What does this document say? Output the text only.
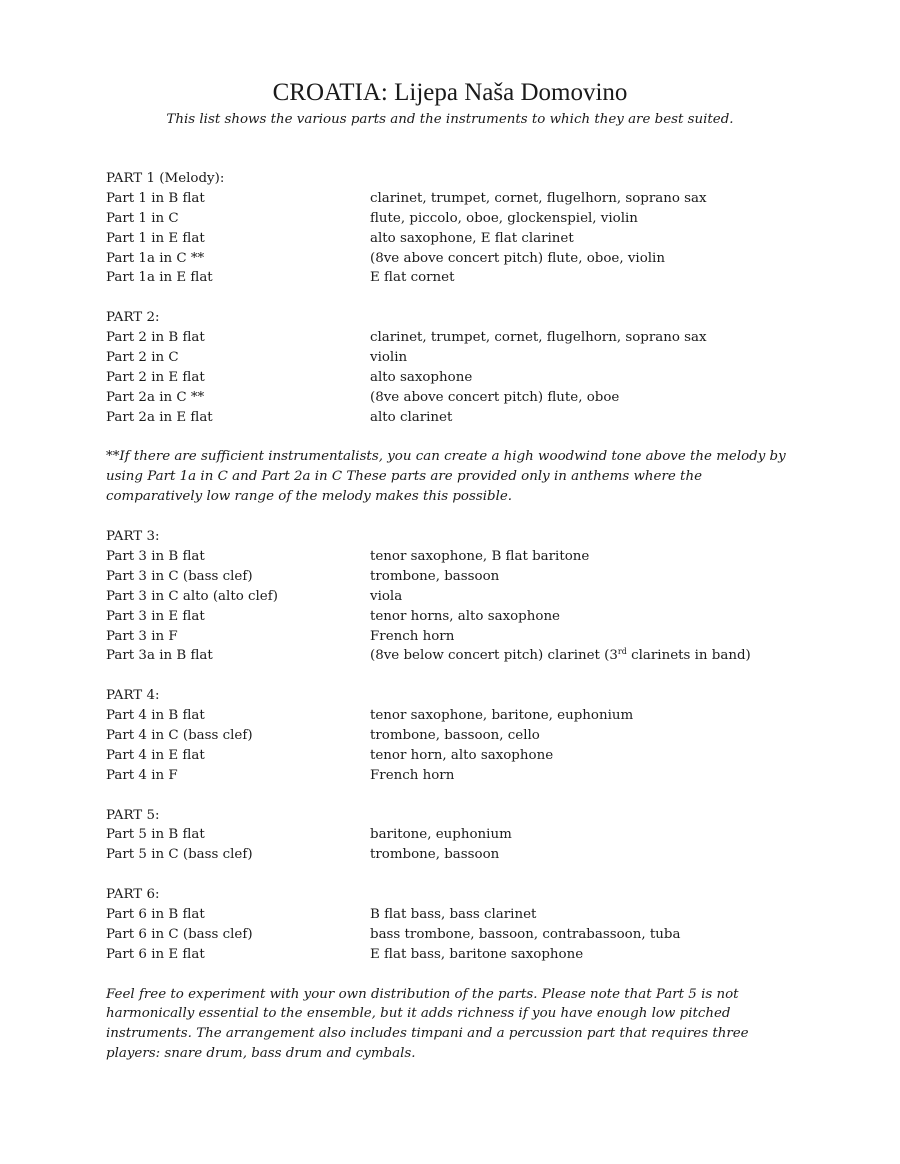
CROATIA: Lijepa Naša Domovino

This list shows the various parts and the instruments to which they are best suited.

PART 1 (Melody):
Part 1 in B flat	clarinet, trumpet, cornet, flugelhorn, soprano sax
Part 1 in C	flute, piccolo, oboe, glockenspiel, violin
Part 1 in E flat	alto saxophone, E flat clarinet
Part 1a in C **	(8ve above concert pitch) flute, oboe, violin
Part 1a in E flat	E flat cornet
PART 2:
Part 2 in B flat	clarinet, trumpet, cornet, flugelhorn, soprano sax
Part 2 in C	violin
Part 2 in E flat	alto saxophone
Part 2a in C **	(8ve above concert pitch) flute, oboe
Part 2a in E flat	alto clarinet

**If there are sufficient instrumentalists, you can create a high woodwind tone above the melody by using Part 1a in C and Part 2a in C These parts are provided only in anthems where the comparatively low range of the melody makes this possible.

PART 3:
Part 3 in B flat	tenor saxophone, B flat baritone
Part 3 in C (bass clef)	trombone, bassoon
Part 3 in C alto (alto clef)	viola
Part 3 in E flat	tenor horns, alto saxophone
Part 3 in F	French horn
Part 3a in B flat	(8ve below concert pitch) clarinet (3rd clarinets in band)
PART 4:
Part 4 in B flat	tenor saxophone, baritone, euphonium
Part 4 in C (bass clef)	trombone, bassoon, cello
Part 4 in E flat	tenor horn, alto saxophone
Part 4 in F	French horn
PART 5:
Part 5 in B flat	baritone, euphonium
Part 5 in C (bass clef)	trombone, bassoon
PART 6:
Part 6 in B flat	B flat bass, bass clarinet
Part 6 in C (bass clef)	bass trombone, bassoon, contrabassoon, tuba
Part 6 in E flat	E flat bass, baritone saxophone

Feel free to experiment with your own distribution of the parts. Please note that Part 5 is not harmonically essential to the ensemble, but it adds richness if you have enough low pitched instruments. The arrangement also includes timpani and a percussion part that requires three players: snare drum, bass drum and cymbals.
